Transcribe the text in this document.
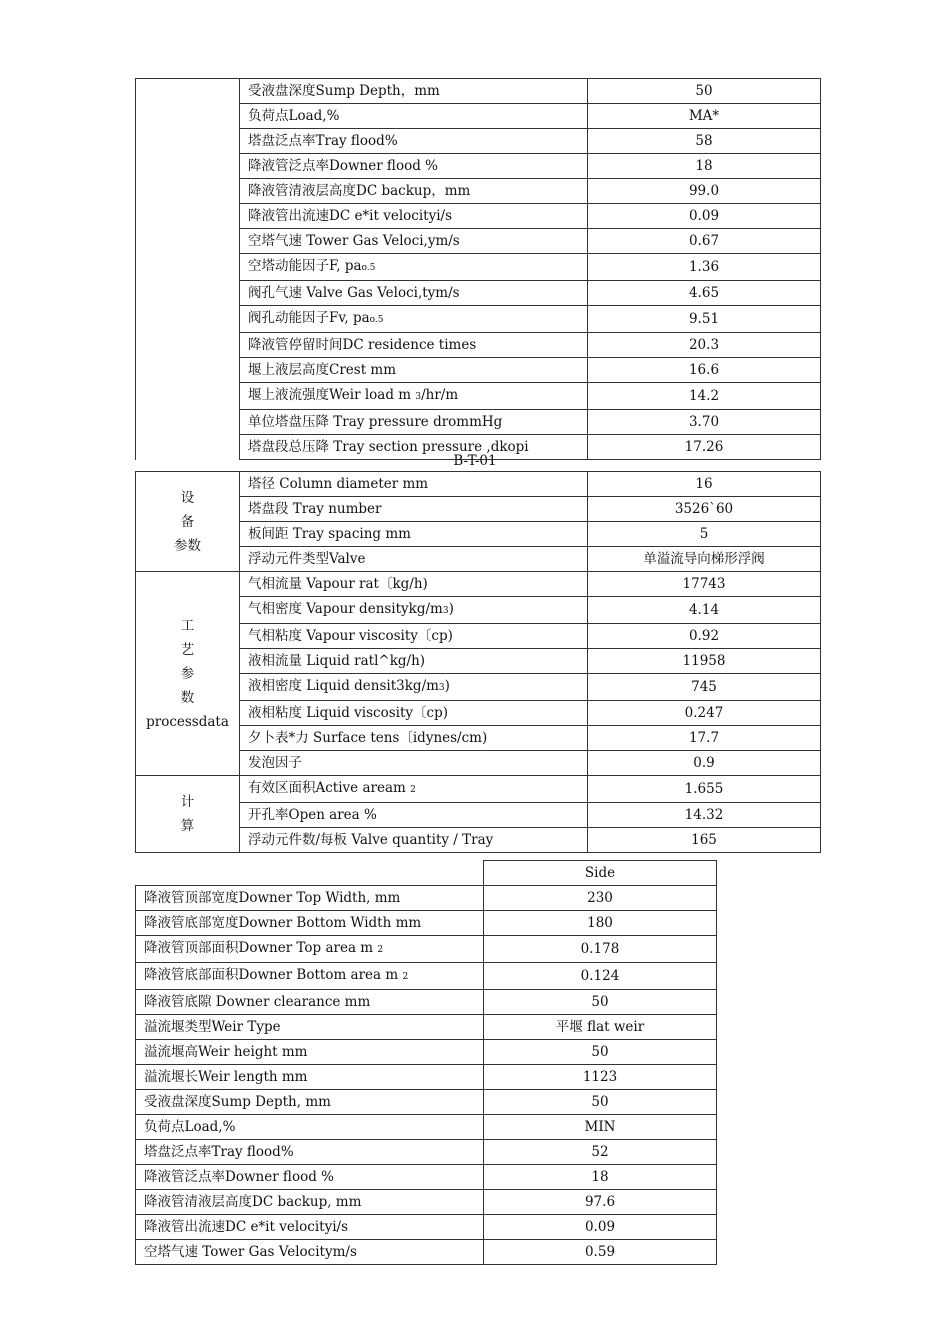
	受液盘深度Sump Depth，mm	50
	负荷点Load,%	MA*
	塔盘泛点率Tray flood%	58
	降液管泛点率Downer flood %	18
	降液管清液层高度DC backup，mm	99.0
	降液管出流速DC e*it velocityi/s	0.09
	空塔气速 Tower Gas Veloci,ym/s	0.67
	空塔动能因子F, pao.5	1.36
	阀孔气速 Valve Gas Veloci,tym/s	4.65
	阀孔动能因子Fv, pao.5	9.51
	降液管停留时间DC residence times	20.3
	堰上液层高度Crest mm	16.6
	堰上液流强度Weir load m 3/hr/m	14.2
	单位塔盘压降 Tray pressure drommHg	3.70
	塔盘段总压降 Tray section pressure ,dkopi	17.26
B-T-01
设
备
参数	塔径 Column diameter mm	16
	塔盘段 Tray number	3526`60
	板间距 Tray spacing mm	5
	浮动元件类型Valve	单溢流导向梯形浮阀

工
艺
参
数
processdata	气相流量 Vapour rat〔kg/h)	17743
	气相密度 Vapour densitykg/m3)	4.14
	气相粘度 Vapour viscosity〔cp)	0.92
	液相流量 Liquid ratl^kg/h)	11958
	液相密度 Liquid densit3kg/m3)	745
	液相粘度 Liquid viscosity〔cp)	0.247
	夕卜表*力 Surface tens〔idynes/cm)	17.7
	发泡因子	0.9

计
算	有效区面积Active aream 2	1.655
	开孔率Open area %	14.32
	浮动元件数/每板 Valve quantity / Tray	165
	Side
降液管顶部宽度Downer Top Width, mm	230
降液管底部宽度Downer Bottom Width mm	180
降液管顶部面积Downer Top area m 2	0.178
降液管底部面积Downer Bottom area m 2	0.124
降液管底隙 Downer clearance mm	50
溢流堰类型Weir Type	平堰 flat weir
溢流堰高Weir height mm	50
溢流堰长Weir length mm	1123
受液盘深度Sump Depth, mm	50
负荷点Load,%	MIN
塔盘泛点率Tray flood%	52
降液管泛点率Downer flood %	18
降液管清液层高度DC backup, mm	97.6
降液管出流速DC e*it velocityi/s	0.09
空塔气速 Tower Gas Velocitym/s	0.59
